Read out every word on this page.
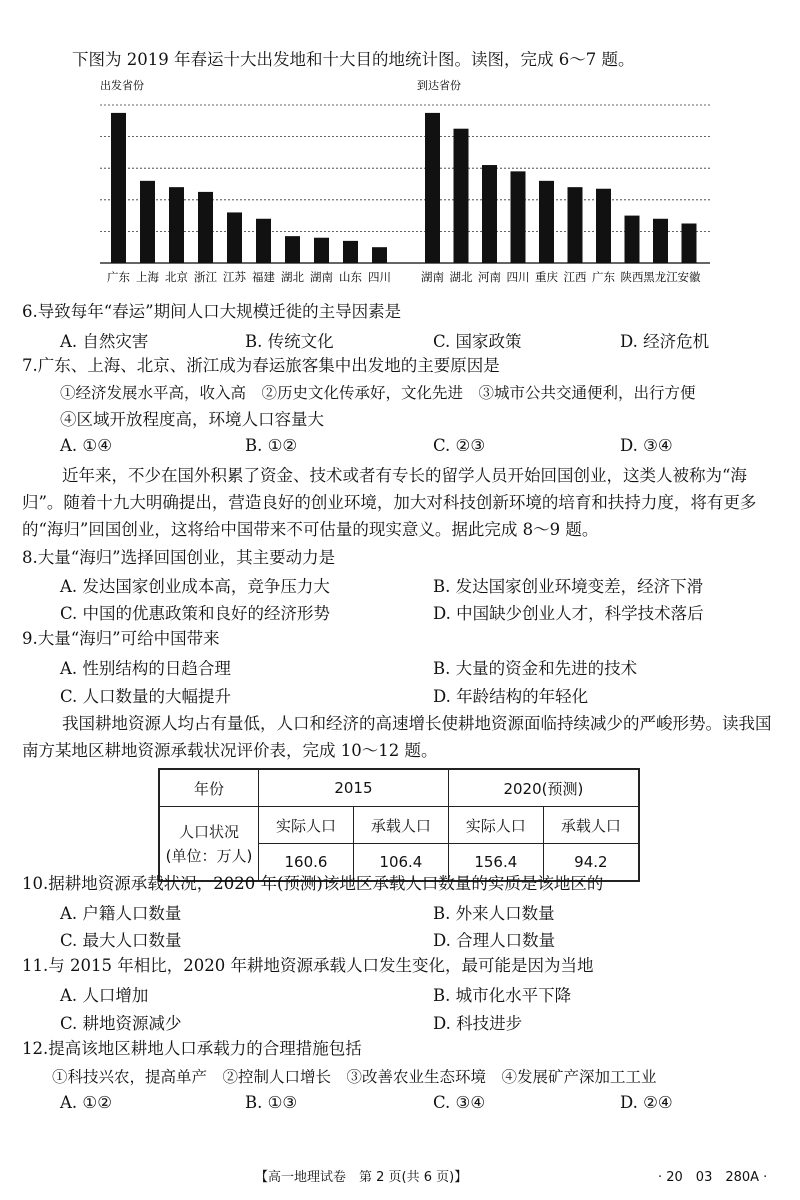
下图为 2019 年春运十大出发地和十大目的地统计图。读图，完成 6～7 题。
出发省份	到达省份
广东 上海 北京 浙江 江苏 福建 湖北 湖南 山东 四川	湖南 湖北 河南 四川 重庆 江西 广东 陕西 黑龙江 安徽
6.导致每年“春运”期间人口大规模迁徙的主导因素是
A. 自然灾害	B. 传统文化	C. 国家政策	D. 经济危机
7.广东、上海、北京、浙江成为春运旅客集中出发地的主要原因是
①经济发展水平高，收入高　②历史文化传承好，文化先进　③城市公共交通便利，出行方便
④区域开放程度高，环境人口容量大
A. ①④	B. ①②	C. ②③	D. ③④
近年来，不少在国外积累了资金、技术或者有专长的留学人员开始回国创业，这类人被称为“海归”。随着十九大明确提出，营造良好的创业环境，加大对科技创新环境的培育和扶持力度，将有更多的“海归”回国创业，这将给中国带来不可估量的现实意义。据此完成 8～9 题。
8.大量“海归”选择回国创业，其主要动力是
A. 发达国家创业成本高，竞争压力大	B. 发达国家创业环境变差，经济下滑
C. 中国的优惠政策和良好的经济形势	D. 中国缺少创业人才，科学技术落后
9.大量“海归”可给中国带来
A. 性别结构的日趋合理	B. 大量的资金和先进的技术
C. 人口数量的大幅提升	D. 年龄结构的年轻化
我国耕地资源人均占有量低，人口和经济的高速增长使耕地资源面临持续减少的严峻形势。读我国南方某地区耕地资源承载状况评价表，完成 10～12 题。
年份	2015		2020(预测)	

人口状况
(单位：万人)	实际人口	承载人口	实际人口	承载人口
	160.6	106.4	156.4	94.2
10.据耕地资源承载状况，2020 年(预测)该地区承载人口数量的实质是该地区的
A. 户籍人口数量	B. 外来人口数量
C. 最大人口数量	D. 合理人口数量
11.与 2015 年相比，2020 年耕地资源承载人口发生变化，最可能是因为当地
A. 人口增加	B. 城市化水平下降
C. 耕地资源减少	D. 科技进步
12.提高该地区耕地人口承载力的合理措施包括
①科技兴农，提高单产　②控制人口增长　③改善农业生态环境　④发展矿产深加工工业
A. ①②	B. ①③	C. ③④	D. ②④
【高一地理试卷　第 2 页(共 6 页)】	· 20　03　280A ·
